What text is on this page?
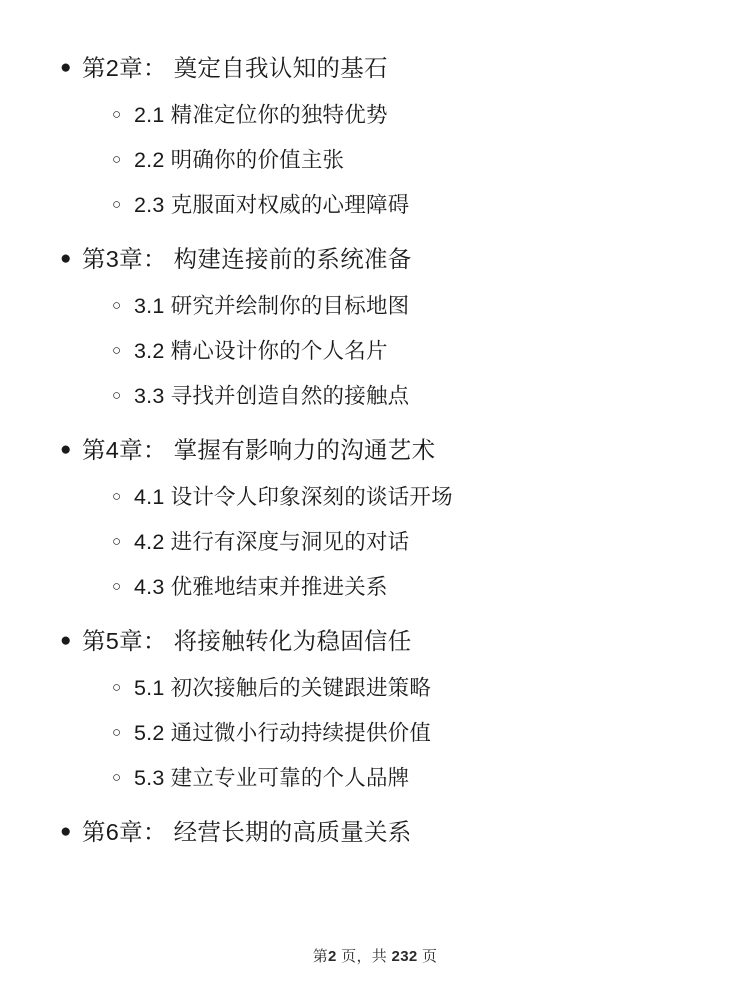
● 第2章： 奠定自我认知的基石
○ 2.1 精准定位你的独特优势
○ 2.2 明确你的价值主张
○ 2.3 克服面对权威的心理障碍
● 第3章： 构建连接前的系统准备
○ 3.1 研究并绘制你的目标地图
○ 3.2 精心设计你的个人名片
○ 3.3 寻找并创造自然的接触点
● 第4章： 掌握有影响力的沟通艺术
○ 4.1 设计令人印象深刻的谈话开场
○ 4.2 进行有深度与洞见的对话
○ 4.3 优雅地结束并推进关系
● 第5章： 将接触转化为稳固信任
○ 5.1 初次接触后的关键跟进策略
○ 5.2 通过微小行动持续提供价值
○ 5.3 建立专业可靠的个人品牌
● 第6章： 经营长期的高质量关系
第2 页，共 232 页
